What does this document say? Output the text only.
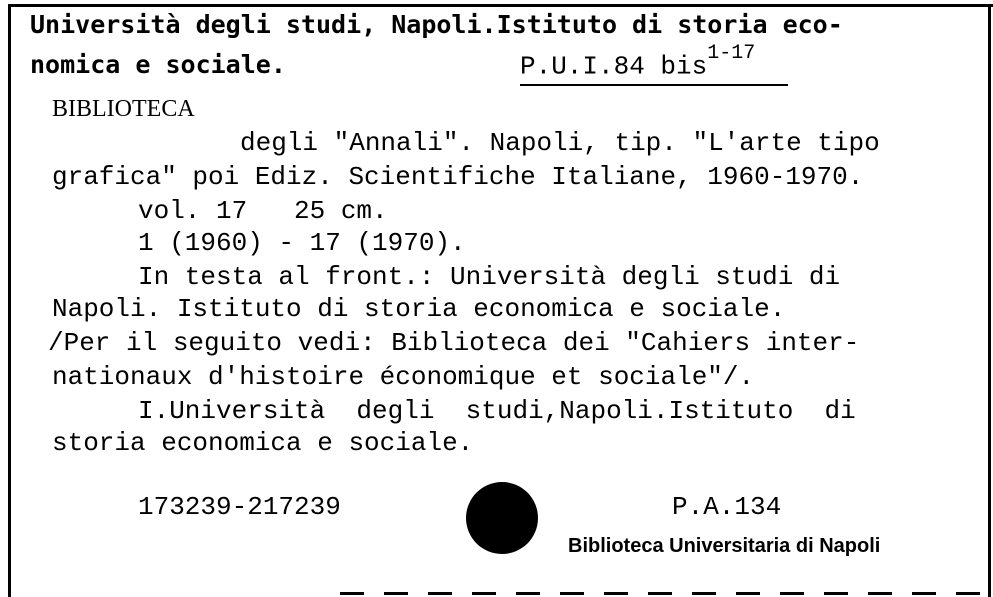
Università degli studi, Napoli.Istituto di storia eco-
nomica e sociale.	P.U.I.84 bis$^{1-17}$
BIBLIOTECA
degli "Annali". Napoli, tip. "L'arte tipo
grafica" poi Ediz. Scientifiche Italiane, 1960-1970.
vol. 17   25 cm.
1 (1960) - 17 (1970).
In testa al front.: Università degli studi di
Napoli. Istituto di storia economica e sociale.
/Per il seguito vedi: Biblioteca dei "Cahiers inter-
nationaux d'histoire économique et sociale"/.
I.Università  degli  studi,Napoli.Istituto  di
storia economica e sociale.
173239-217239	P.A.134
Biblioteca Universitaria di Napoli
